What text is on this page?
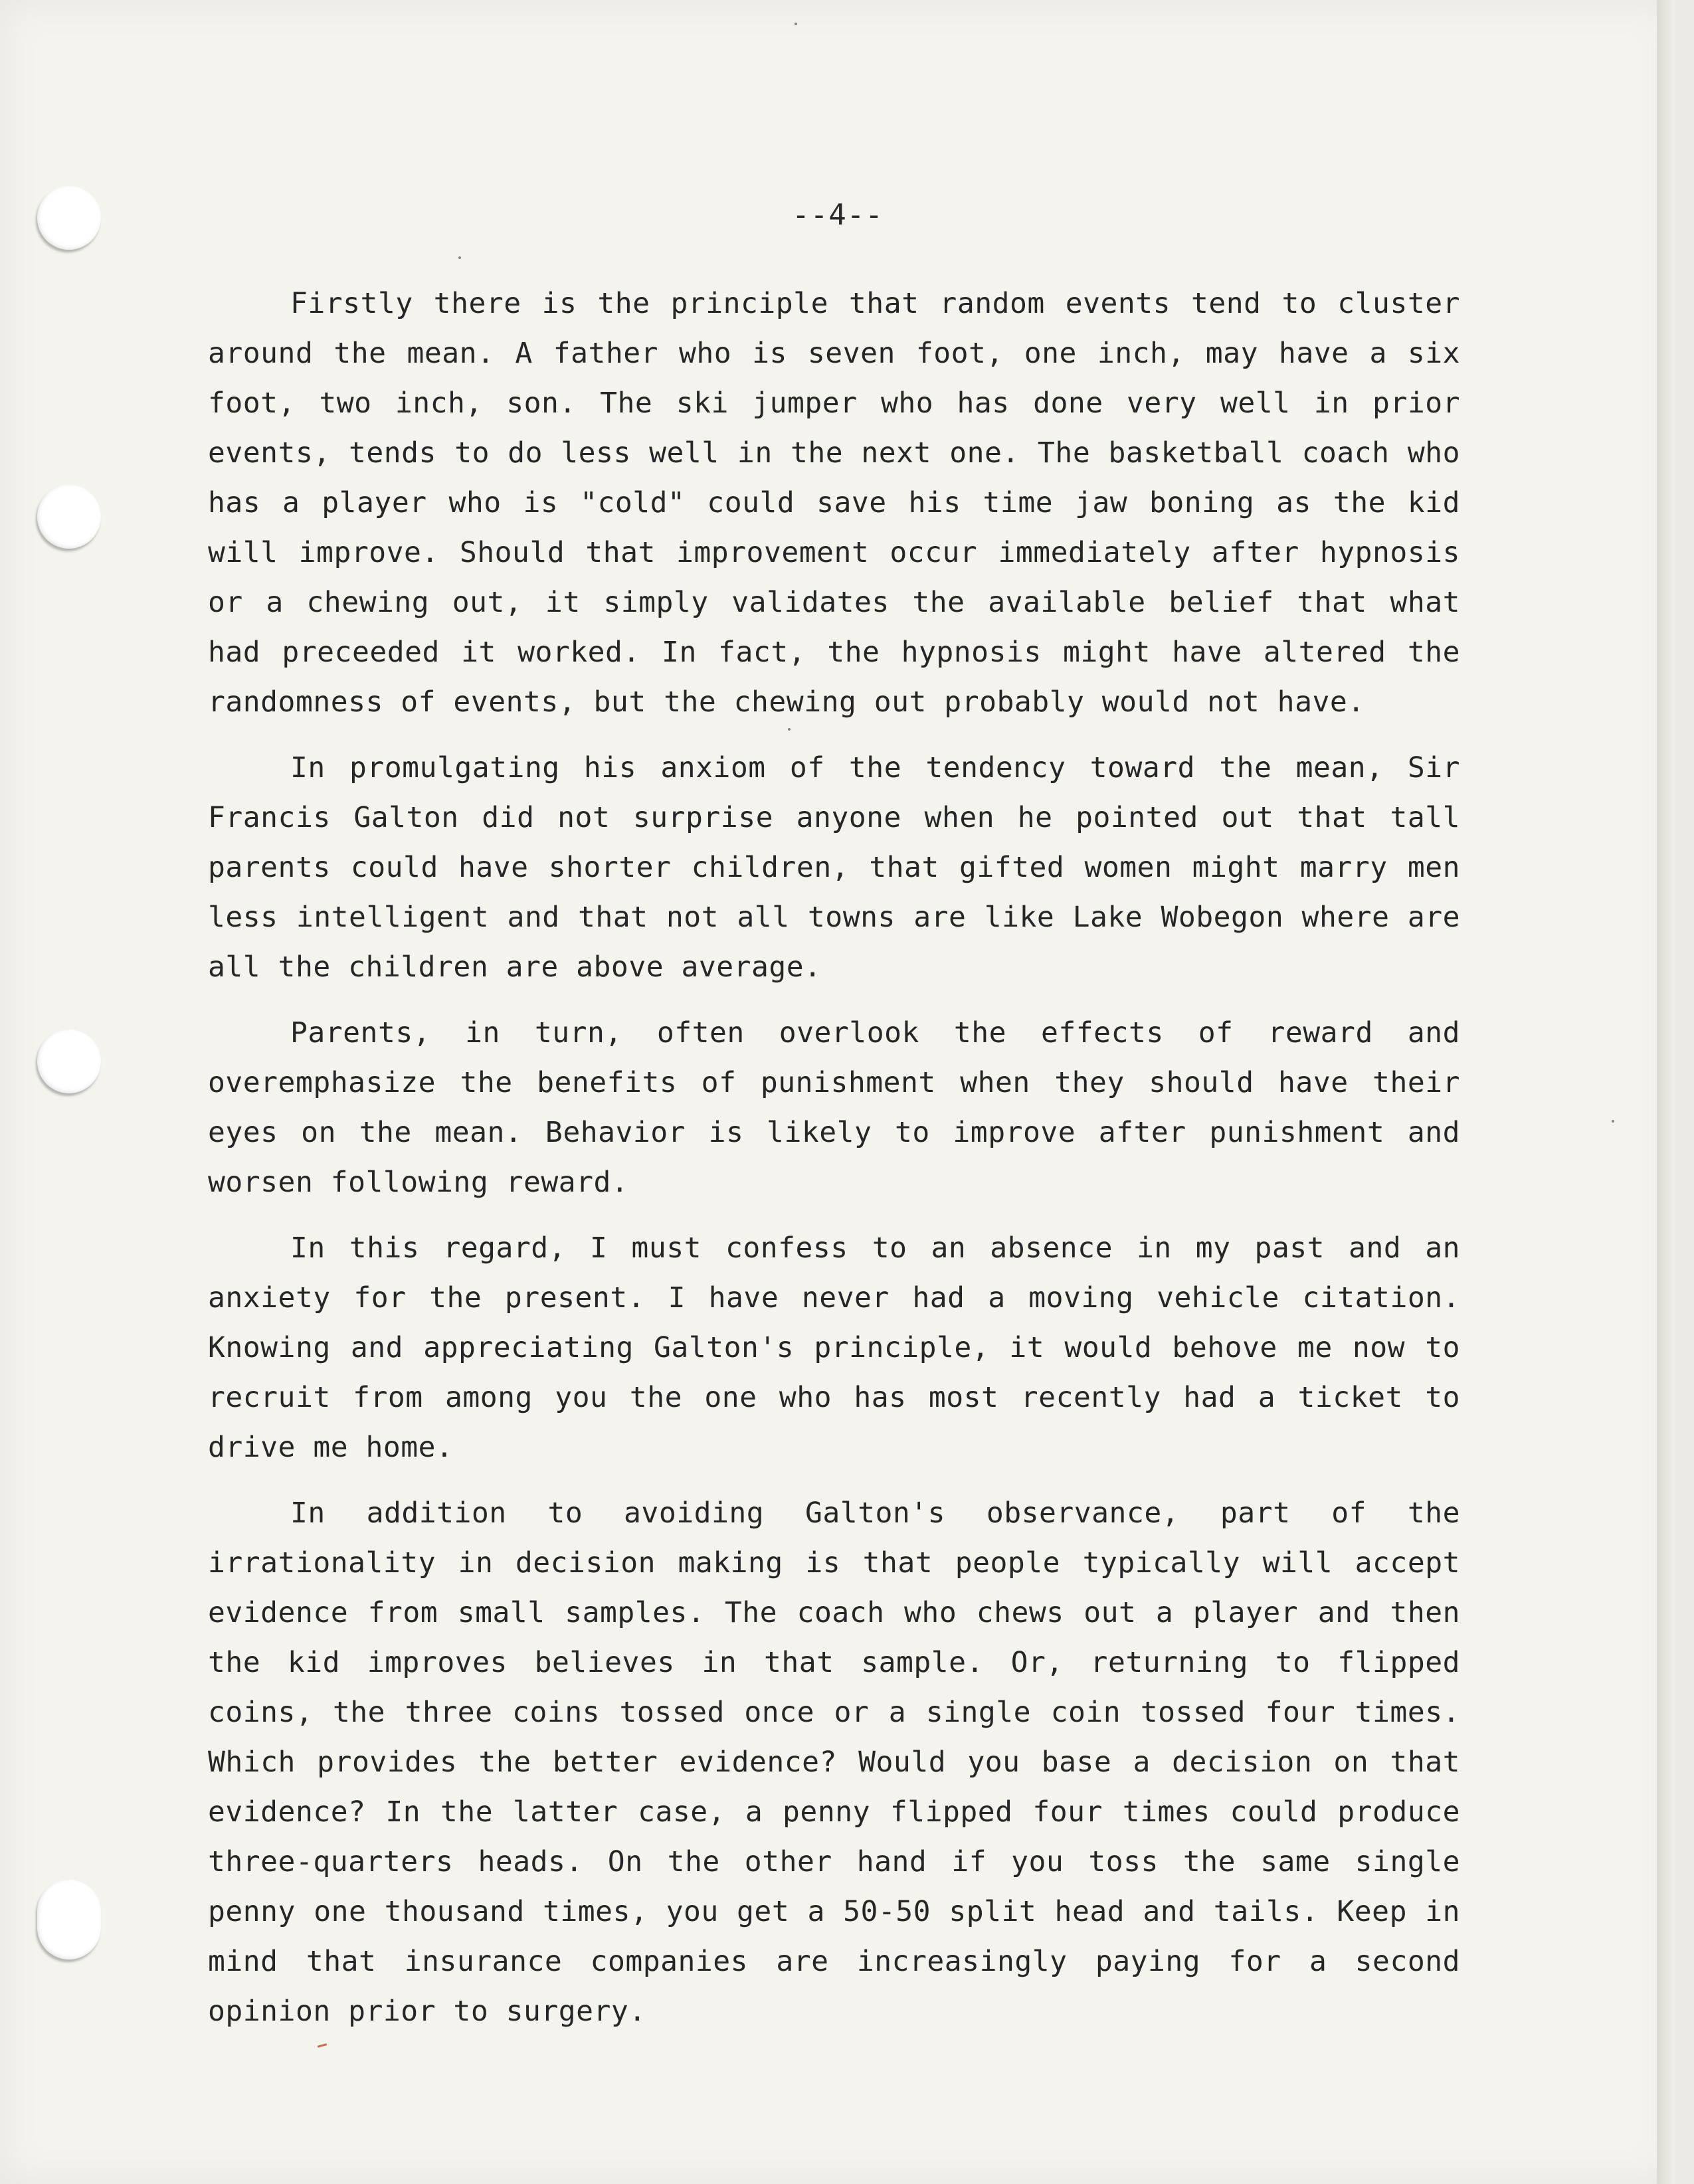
--4--

Firstly there is the principle that random events tend to cluster around the mean. A father who is seven foot, one inch, may have a six foot, two inch, son. The ski jumper who has done very well in prior events, tends to do less well in the next one. The basketball coach who has a player who is "cold" could save his time jaw boning as the kid will improve. Should that improvement occur immediately after hypnosis or a chewing out, it simply validates the available belief that what had preceeded it worked. In fact, the hypnosis might have altered the randomness of events, but the chewing out probably would not have.

In promulgating his anxiom of the tendency toward the mean, Sir Francis Galton did not surprise anyone when he pointed out that tall parents could have shorter children, that gifted women might marry men less intelligent and that not all towns are like Lake Wobegon where are all the children are above average.

Parents, in turn, often overlook the effects of reward and overemphasize the benefits of punishment when they should have their eyes on the mean. Behavior is likely to improve after punishment and worsen following reward.

In this regard, I must confess to an absence in my past and an anxiety for the present. I have never had a moving vehicle citation. Knowing and appreciating Galton's principle, it would behove me now to recruit from among you the one who has most recently had a ticket to drive me home.

In addition to avoiding Galton's observance, part of the irrationality in decision making is that people typically will accept evidence from small samples. The coach who chews out a player and then the kid improves believes in that sample. Or, returning to flipped coins, the three coins tossed once or a single coin tossed four times. Which provides the better evidence? Would you base a decision on that evidence? In the latter case, a penny flipped four times could produce three-quarters heads. On the other hand if you toss the same single penny one thousand times, you get a 50-50 split head and tails. Keep in mind that insurance companies are increasingly paying for a second opinion prior to surgery.
